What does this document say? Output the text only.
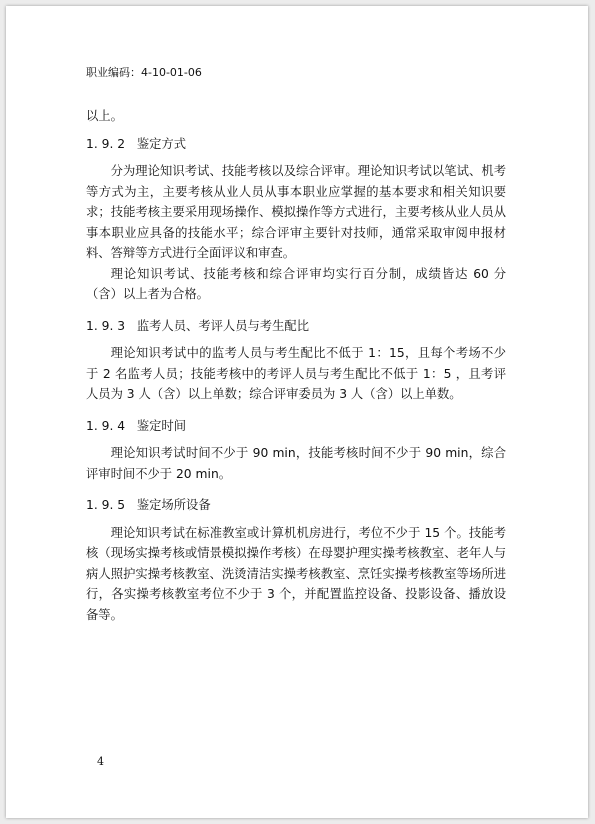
职业编码：4-10-01-06

以上。

1. 9. 2   鉴定方式

分为理论知识考试、技能考核以及综合评审。理论知识考试以笔试、机考等方式为主，主要考核从业人员从事本职业应掌握的基本要求和相关知识要求；技能考核主要采用现场操作、模拟操作等方式进行，主要考核从业人员从事本职业应具备的技能水平；综合评审主要针对技师，通常采取审阅申报材料、答辩等方式进行全面评议和审查。

理论知识考试、技能考核和综合评审均实行百分制，成绩皆达 60 分（含）以上者为合格。

1. 9. 3   监考人员、考评人员与考生配比

理论知识考试中的监考人员与考生配比不低于 1：15，且每个考场不少于 2 名监考人员；技能考核中的考评人员与考生配比不低于 1：5 ，且考评人员为 3 人（含）以上单数；综合评审委员为 3 人（含）以上单数。

1. 9. 4   鉴定时间

理论知识考试时间不少于 90 min，技能考核时间不少于 90 min，综合评审时间不少于 20 min。

1. 9. 5   鉴定场所设备

理论知识考试在标准教室或计算机机房进行，考位不少于 15 个。技能考核（现场实操考核或情景模拟操作考核）在母婴护理实操考核教室、老年人与病人照护实操考核教室、洗烫清洁实操考核教室、烹饪实操考核教室等场所进行，各实操考核教室考位不少于 3 个，并配置监控设备、投影设备、播放设备等。

4
